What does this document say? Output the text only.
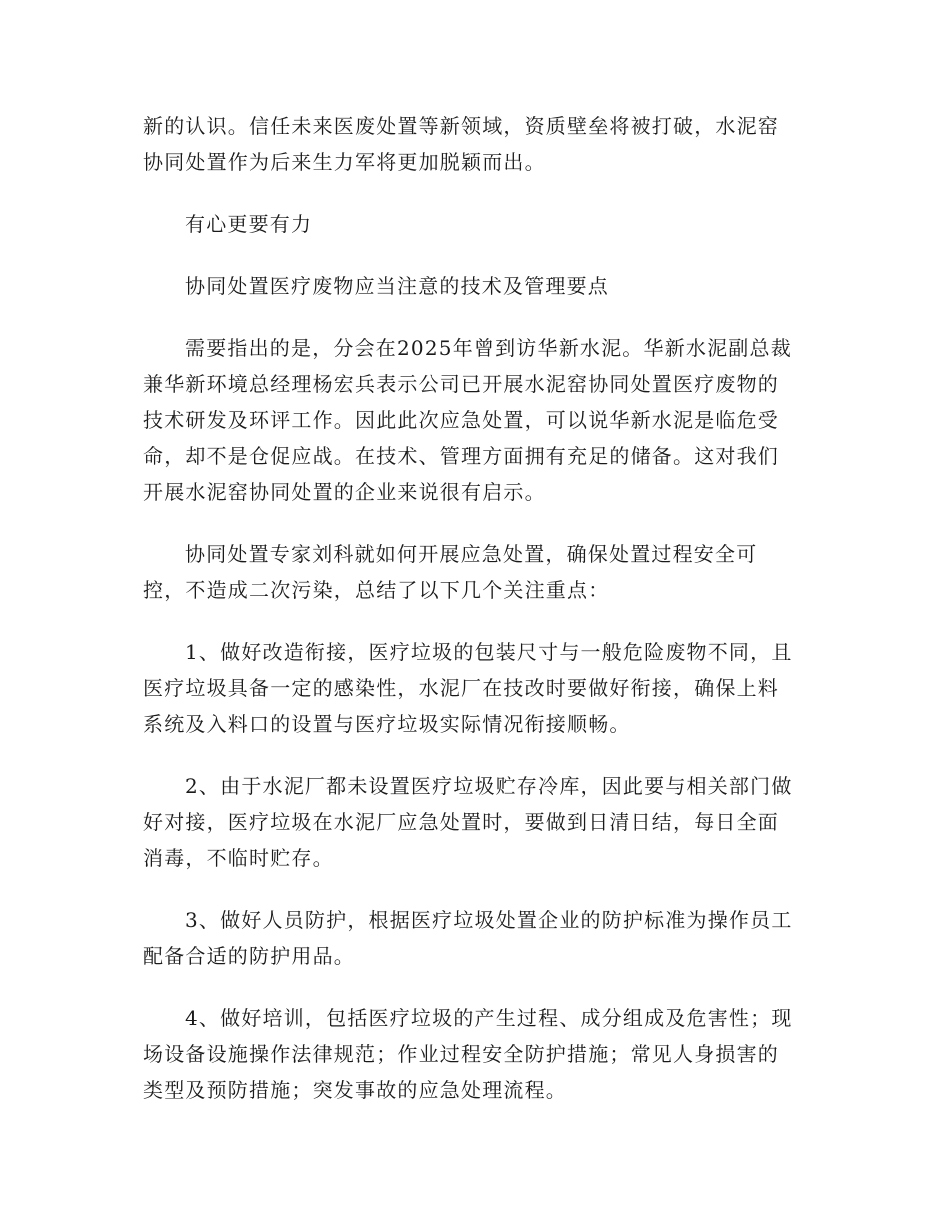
新的认识。信任未来医废处置等新领域，资质壁垒将被打破，水泥窑
协同处置作为后来生力军将更加脱颖而出。

有心更要有力

协同处置医疗废物应当注意的技术及管理要点

需要指出的是，分会在2025年曾到访华新水泥。华新水泥副总裁
兼华新环境总经理杨宏兵表示公司已开展水泥窑协同处置医疗废物的
技术研发及环评工作。因此此次应急处置，可以说华新水泥是临危受
命，却不是仓促应战。在技术、管理方面拥有充足的储备。这对我们
开展水泥窑协同处置的企业来说很有启示。

协同处置专家刘科就如何开展应急处置，确保处置过程安全可
控，不造成二次污染，总结了以下几个关注重点：

1、做好改造衔接，医疗垃圾的包装尺寸与一般危险废物不同，且
医疗垃圾具备一定的感染性，水泥厂在技改时要做好衔接，确保上料
系统及入料口的设置与医疗垃圾实际情况衔接顺畅。

2、由于水泥厂都未设置医疗垃圾贮存冷库，因此要与相关部门做
好对接，医疗垃圾在水泥厂应急处置时，要做到日清日结，每日全面
消毒，不临时贮存。

3、做好人员防护，根据医疗垃圾处置企业的防护标准为操作员工
配备合适的防护用品。

4、做好培训，包括医疗垃圾的产生过程、成分组成及危害性；现
场设备设施操作法律规范；作业过程安全防护措施；常见人身损害的
类型及预防措施；突发事故的应急处理流程。
